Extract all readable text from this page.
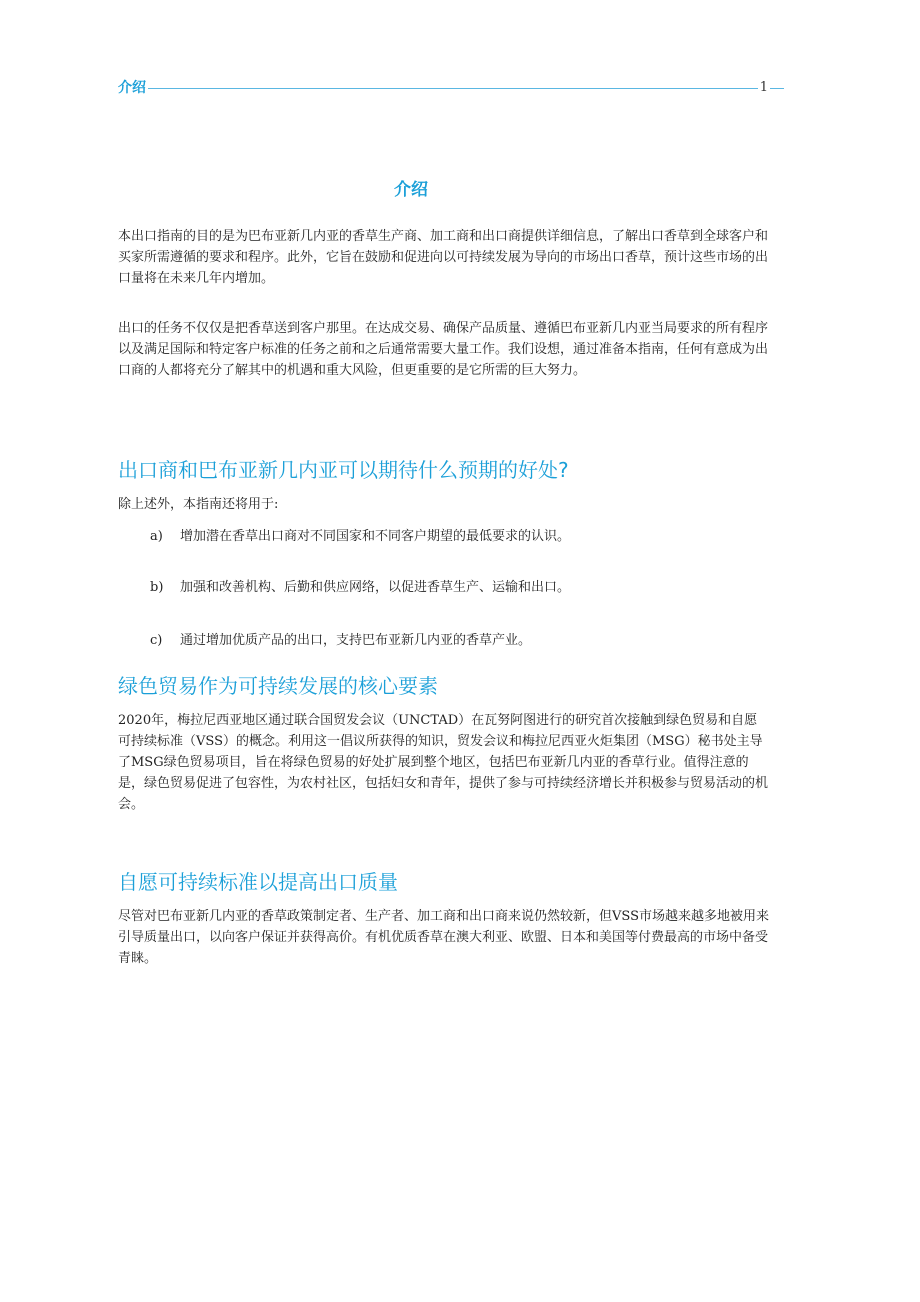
介绍	1
介绍

本出口指南的目的是为巴布亚新几内亚的香草生产商、加工商和出口商提供详细信息，了解出口香草到全球客户和买家所需遵循的要求和程序。此外，它旨在鼓励和促进向以可持续发展为导向的市场出口香草，预计这些市场的出口量将在未来几年内增加。

出口的任务不仅仅是把香草送到客户那里。在达成交易、确保产品质量、遵循巴布亚新几内亚当局要求的所有程序以及满足国际和特定客户标准的任务之前和之后通常需要大量工作。我们设想，通过准备本指南，任何有意成为出口商的人都将充分了解其中的机遇和重大风险，但更重要的是它所需的巨大努力。

出口商和巴布亚新几内亚可以期待什么预期的好处?

除上述外，本指南还将用于:

a) 增加潜在香草出口商对不同国家和不同客户期望的最低要求的认识。
b) 加强和改善机构、后勤和供应网络，以促进香草生产、运输和出口。
c) 通过增加优质产品的出口，支持巴布亚新几内亚的香草产业。
绿色贸易作为可持续发展的核心要素

2020年，梅拉尼西亚地区通过联合国贸发会议（UNCTAD）在瓦努阿图进行的研究首次接触到绿色贸易和自愿可持续标准（VSS）的概念。利用这一倡议所获得的知识，贸发会议和梅拉尼西亚火炬集团（MSG）秘书处主导了MSG绿色贸易项目，旨在将绿色贸易的好处扩展到整个地区，包括巴布亚新几内亚的香草行业。值得注意的是，绿色贸易促进了包容性，为农村社区，包括妇女和青年，提供了参与可持续经济增长并积极参与贸易活动的机会。

自愿可持续标准以提高出口质量

尽管对巴布亚新几内亚的香草政策制定者、生产者、加工商和出口商来说仍然较新，但VSS市场越来越多地被用来引导质量出口，以向客户保证并获得高价。有机优质香草在澳大利亚、欧盟、日本和美国等付费最高的市场中备受青睐。
